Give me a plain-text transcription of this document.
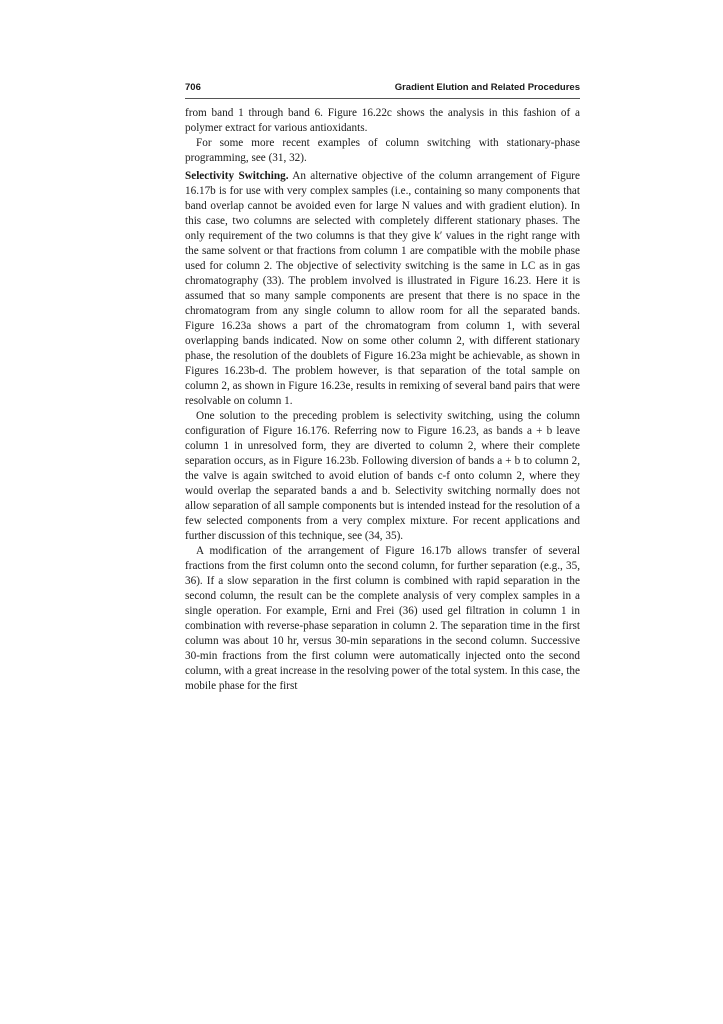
706	Gradient Elution and Related Procedures

from band 1 through band 6. Figure 16.22c shows the analysis in this fashion of a polymer extract for various antioxidants.

For some more recent examples of column switching with stationary-phase programming, see (31, 32).

Selectivity Switching. An alternative objective of the column arrangement of Figure 16.17b is for use with very complex samples (i.e., containing so many components that band overlap cannot be avoided even for large N values and with gradient elution). In this case, two columns are selected with completely different stationary phases. The only requirement of the two columns is that they give k′ values in the right range with the same solvent or that fractions from column 1 are compatible with the mobile phase used for column 2. The objective of selectivity switching is the same in LC as in gas chromatography (33). The problem involved is illustrated in Figure 16.23. Here it is assumed that so many sample components are present that there is no space in the chromatogram from any single column to allow room for all the separated bands. Figure 16.23a shows a part of the chromatogram from column 1, with several overlapping bands indicated. Now on some other column 2, with different stationary phase, the resolution of the doublets of Figure 16.23a might be achievable, as shown in Figures 16.23b-d. The problem however, is that separation of the total sample on column 2, as shown in Figure 16.23e, results in remixing of several band pairs that were resolvable on column 1.

One solution to the preceding problem is selectivity switching, using the column configuration of Figure 16.176. Referring now to Figure 16.23, as bands a + b leave column 1 in unresolved form, they are diverted to column 2, where their complete separation occurs, as in Figure 16.23b. Following diversion of bands a + b to column 2, the valve is again switched to avoid elution of bands c-f onto column 2, where they would overlap the separated bands a and b. Selectivity switching normally does not allow separation of all sample components but is intended instead for the resolution of a few selected components from a very complex mixture. For recent applications and further discussion of this technique, see (34, 35).

A modification of the arrangement of Figure 16.17b allows transfer of several fractions from the first column onto the second column, for further separation (e.g., 35, 36). If a slow separation in the first column is combined with rapid separation in the second column, the result can be the complete analysis of very complex samples in a single operation. For example, Erni and Frei (36) used gel filtration in column 1 in combination with reverse-phase separation in column 2. The separation time in the first column was about 10 hr, versus 30-min separations in the second column. Successive 30-min fractions from the first column were automatically injected onto the second column, with a great increase in the resolving power of the total system. In this case, the mobile phase for the first
